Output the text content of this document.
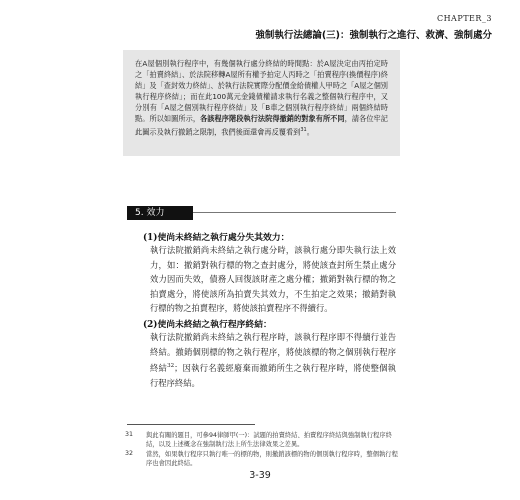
CHAPTER_3
強制執行法總論(三)：強制執行之進行、救濟、強制處分
在A屋個別執行程序中，有幾個執行處分終結的時間點：於A屋決定由丙拍定時之「拍賣終結」、於法院移轉A屋所有權予拍定人丙時之「拍賣程序(換價程序)終結」及「查封效力終結」、於執行法院實際分配價金給債權人甲時之「A屋之個別執行程序終結」；而在此100萬元金錢債權請求執行名義之整個執行程序中，又分別有「A屋之個別執行程序終結」及「B車之個別執行程序終結」兩個終結時點。所以如圖所示，各該程序階段執行法院得撤銷的對象有所不同，請各位牢記此圖示及執行撤銷之限制，我們後面還會再反覆看到$^{31}$。
5. 效力
(1)使尚未終結之執行處分失其效力：
執行法院撤銷尚未終結之執行處分時，該執行處分即失執行法上效力，如：撤銷對執行標的物之查封處分，將使該查封所生禁止處分效力因而失效，債務人回復該財產之處分權；撤銷對執行標的物之拍賣處分，將使該所為拍賣失其效力，不生拍定之效果；撤銷對執行標的物之拍賣程序，將使該拍賣程序不得續行。
(2)使尚未終結之執行程序終結：
執行法院撤銷尚未終結之執行程序時，該執行程序即不得續行並告終結。撤銷個別標的物之執行程序，將使該標的物之個別執行程序終結$^{32}$；因執行名義經廢棄而撤銷所生之執行程序時，將使整個執行程序終結。
31 與此有關的題目，可參94律師甲(一)：試題的拍賣終結、拍賣程序終結與強制執行程序終結，以及上述概念在強制執行法上所生法律效果之差異。
32 當然，如果執行程序只執行唯一的標的物，則撤銷該標的物的個別執行程序時，整個執行程序也會因此終結。
3-39
